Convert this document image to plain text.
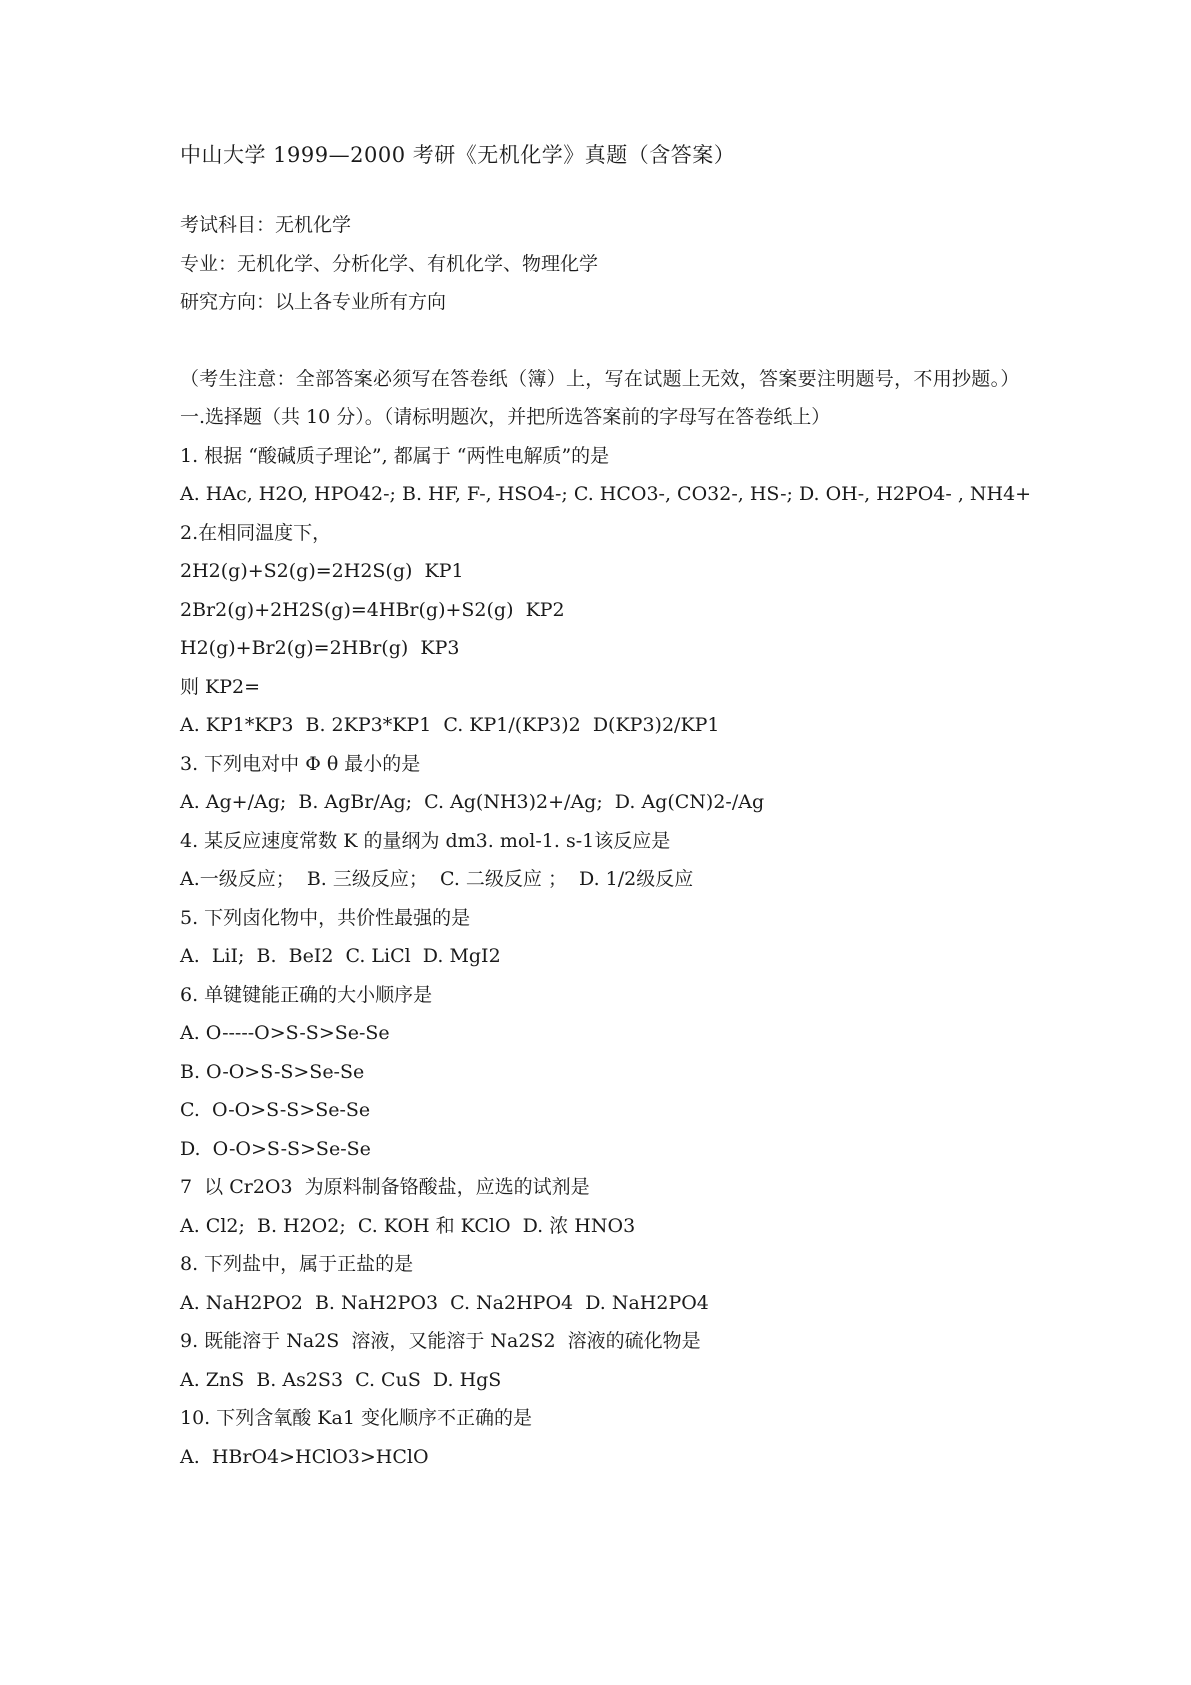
中山大学 1999—2000 考研《无机化学》真题（含答案）
考试科目：无机化学
专业：无机化学、分析化学、有机化学、物理化学
研究方向：以上各专业所有方向
（考生注意：全部答案必须写在答卷纸（簿）上，写在试题上无效，答案要注明题号，不用抄题。）
一.选择题（共 10 分）。（请标明题次，并把所选答案前的字母写在答卷纸上）
1. 根据 “酸碱质子理论”, 都属于 “两性电解质”的是
A. HAc, H2O, HPO42-; B. HF, F-, HSO4-; C. HCO3-, CO32-, HS-; D. OH-, H2PO4- , NH4+
2.在相同温度下，
2H2(g)+S2(g)=2H2S(g)  KP1
2Br2(g)+2H2S(g)=4HBr(g)+S2(g)  KP2
H2(g)+Br2(g)=2HBr(g)  KP3
则 KP2=
A. KP1*KP3  B. 2KP3*KP1  C. KP1/(KP3)2  D(KP3)2/KP1
3. 下列电对中 Φ θ 最小的是
A. Ag+/Ag;  B. AgBr/Ag;  C. Ag(NH3)2+/Ag;  D. Ag(CN)2-/Ag
4. 某反应速度常数 K 的量纲为 dm3. mol-1. s-1该反应是
A.一级反应；  B. 三级反应；  C. 二级反应 ；  D. 1/2级反应
5. 下列卤化物中，共价性最强的是
A.  LiI;  B.  BeI2  C. LiCl  D. MgI2
6. 单键键能正确的大小顺序是
A. O-----O>S-S>Se-Se
B. O-O>S-S>Se-Se
C.  O-O>S-S>Se-Se
D.  O-O>S-S>Se-Se
7  以 Cr2O3  为原料制备铬酸盐，应选的试剂是
A. Cl2;  B. H2O2;  C. KOH 和 KClO  D. 浓 HNO3
8. 下列盐中，属于正盐的是
A. NaH2PO2  B. NaH2PO3  C. Na2HPO4  D. NaH2PO4
9. 既能溶于 Na2S  溶液，又能溶于 Na2S2  溶液的硫化物是
A. ZnS  B. As2S3  C. CuS  D. HgS
10. 下列含氧酸 Ka1 变化顺序不正确的是
A.  HBrO4>HClO3>HClO
